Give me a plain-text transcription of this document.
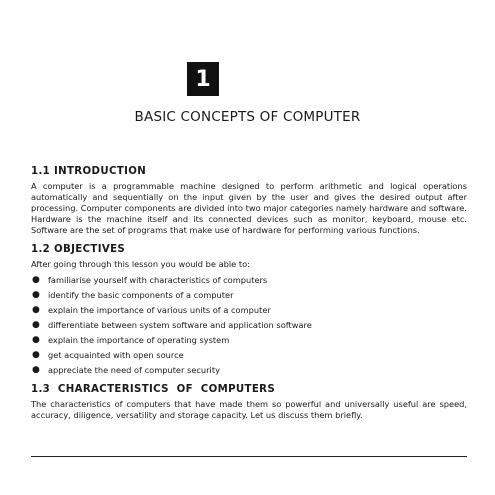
1
BASIC CONCEPTS OF COMPUTER
1.1 INTRODUCTION

A computer is a programmable machine designed to perform arithmetic and logical operations automatically and sequentially on the input given by the user and gives the desired output after processing. Computer components are divided into two major categories namely hardware and software. Hardware is the machine itself and its connected devices such as monitor, keyboard, mouse etc. Software are the set of programs that make use of hardware for performing various functions.

1.2 OBJECTIVES

After going through this lesson you would be able to:

● familiarise yourself with characteristics of computers
● identify the basic components of a computer
● explain the importance of various units of a computer
● differentiate between system software and application software
● explain the importance of operating system
● get acquainted with open source
● appreciate the need of computer security
1.3  CHARACTERISTICS  OF  COMPUTERS

The characteristics of computers that have made them so powerful and universally useful are speed, accuracy, diligence, versatility and storage capacity. Let us discuss them briefly.
